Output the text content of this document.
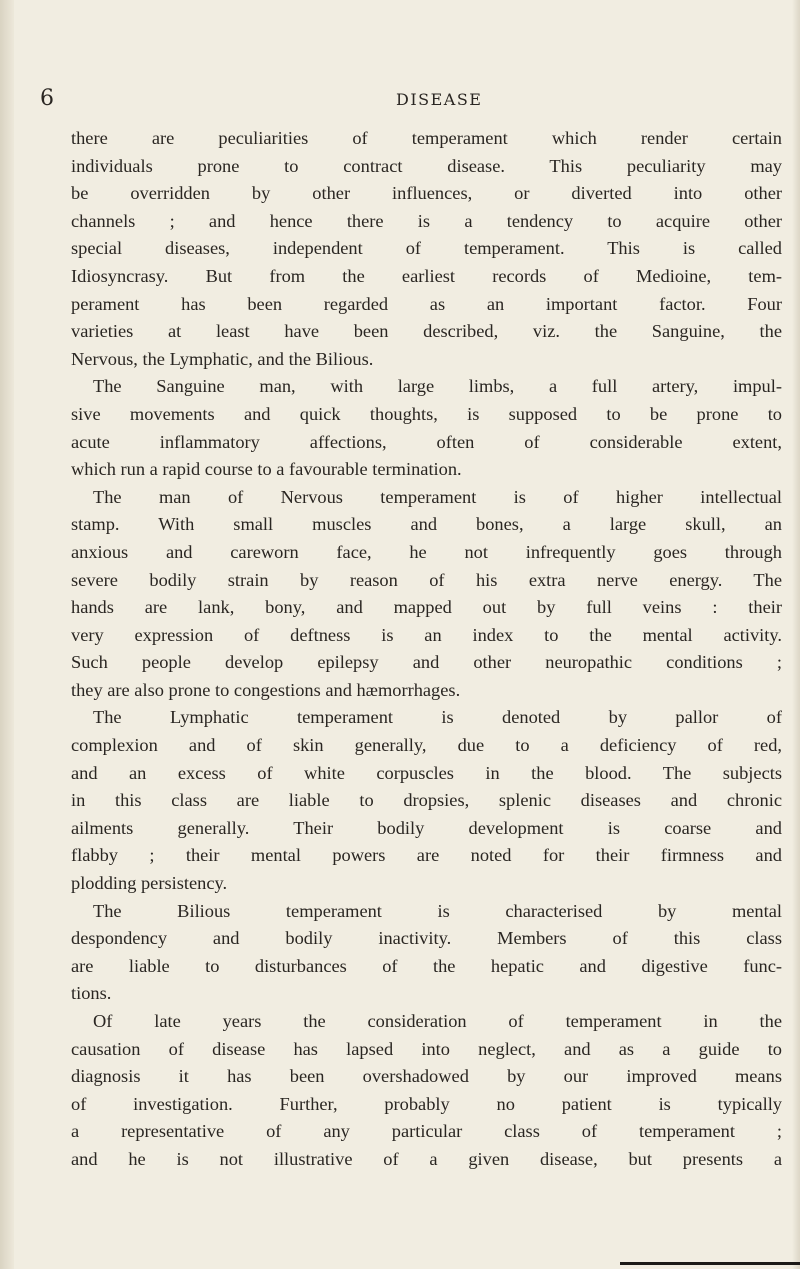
6	DISEASE
there are peculiarities of temperament which render certain
individuals prone to contract disease. This peculiarity may
be overridden by other influences, or diverted into other
channels ; and hence there is a tendency to acquire other
special diseases, independent of temperament. This is called
Idiosyncrasy. But from the earliest records of Medioine, tem-
perament has been regarded as an important factor. Four
varieties at least have been described, viz. the Sanguine, the
Nervous, the Lymphatic, and the Bilious.
The Sanguine man, with large limbs, a full artery, impul-
sive movements and quick thoughts, is supposed to be prone to
acute inflammatory affections, often of considerable extent,
which run a rapid course to a favourable termination.
The man of Nervous temperament is of higher intellectual
stamp. With small muscles and bones, a large skull, an
anxious and careworn face, he not infrequently goes through
severe bodily strain by reason of his extra nerve energy. The
hands are lank, bony, and mapped out by full veins : their
very expression of deftness is an index to the mental activity.
Such people develop epilepsy and other neuropathic conditions ;
they are also prone to congestions and hæmorrhages.
The Lymphatic temperament is denoted by pallor of
complexion and of skin generally, due to a deficiency of red,
and an excess of white corpuscles in the blood. The subjects
in this class are liable to dropsies, splenic diseases and chronic
ailments generally. Their bodily development is coarse and
flabby ; their mental powers are noted for their firmness and
plodding persistency.
The Bilious temperament is characterised by mental
despondency and bodily inactivity. Members of this class
are liable to disturbances of the hepatic and digestive func-
tions.
Of late years the consideration of temperament in the
causation of disease has lapsed into neglect, and as a guide to
diagnosis it has been overshadowed by our improved means
of investigation. Further, probably no patient is typically
a representative of any particular class of temperament ;
and he is not illustrative of a given disease, but presents a
